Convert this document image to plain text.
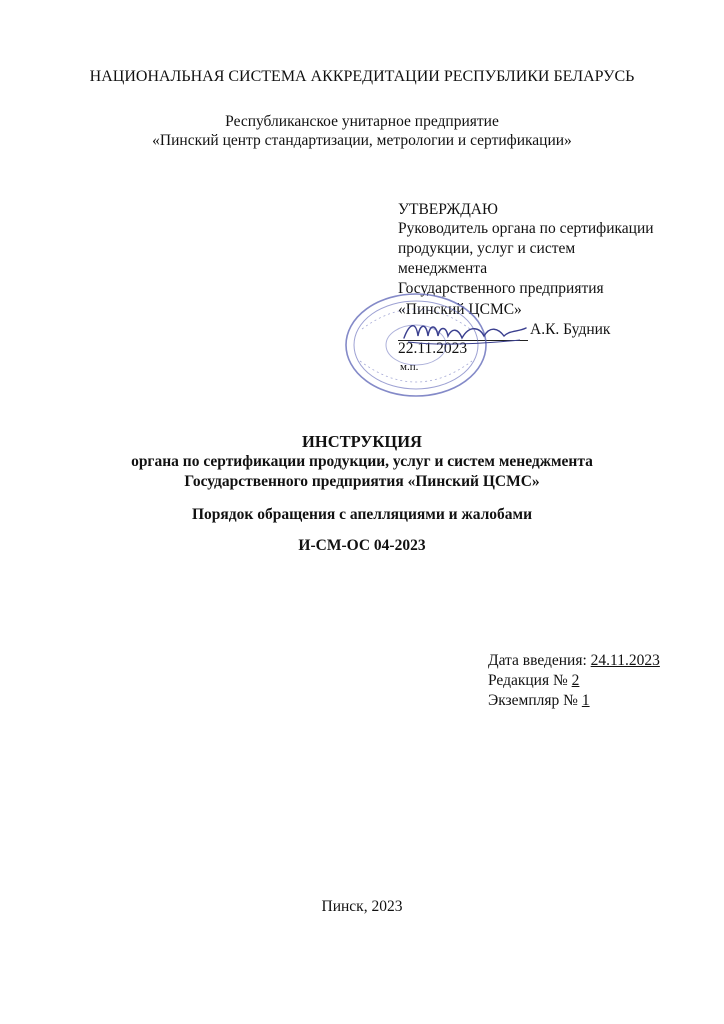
НАЦИОНАЛЬНАЯ СИСТЕМА АККРЕДИТАЦИИ РЕСПУБЛИКИ БЕЛАРУСЬ
Республиканское унитарное предприятие
«Пинский центр стандартизации, метрологии и сертификации»
УТВЕРЖДАЮ
Руководитель органа по сертификации
продукции, услуг и систем
менеджмента
Государственного предприятия
«Пинский ЦСМС»
А.К. Будник
22.11.2023
м.п.
ИНСТРУКЦИЯ
органа по сертификации продукции, услуг и систем менеджмента
Государственного предприятия «Пинский ЦСМС»
Порядок обращения с апелляциями и жалобами
И-СМ-ОС 04-2023
Дата введения: 24.11.2023
Редакция № 2
Экземпляр № 1
Пинск, 2023
